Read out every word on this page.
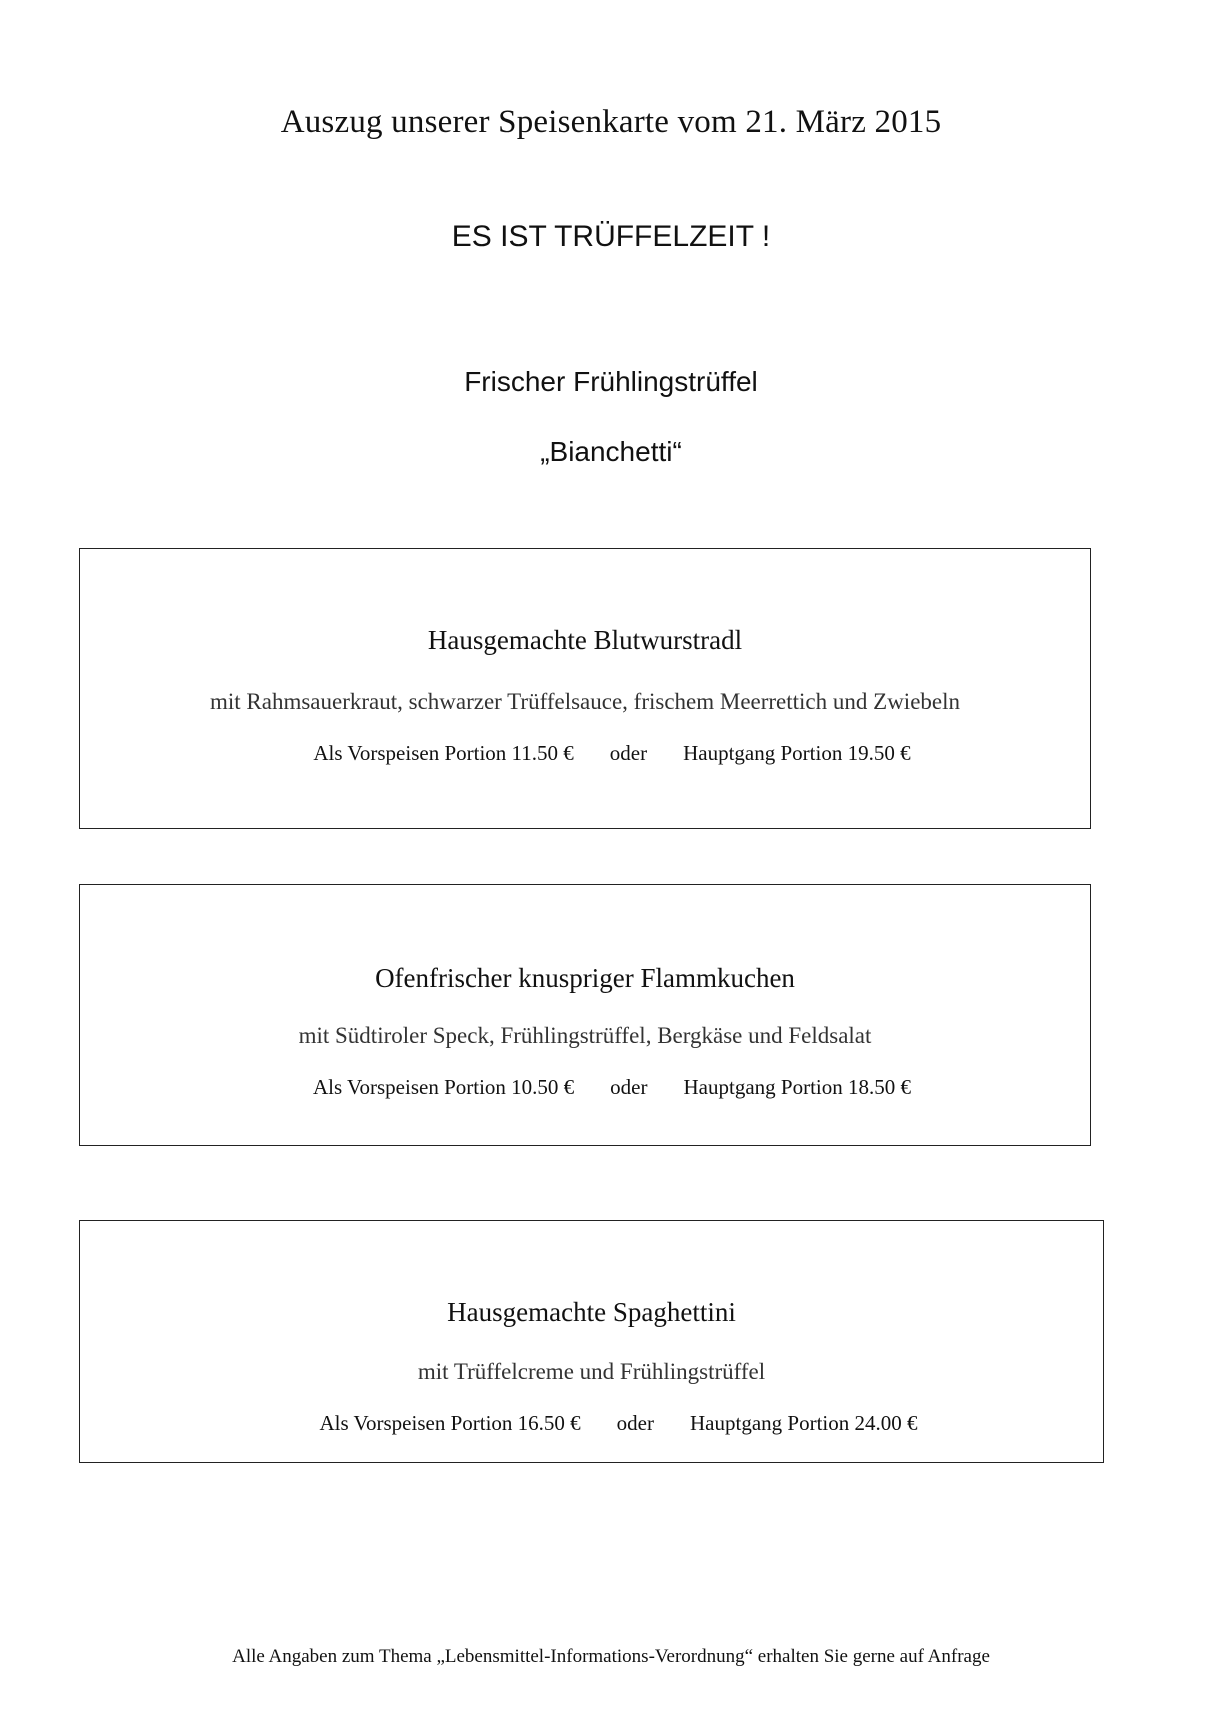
Auszug unserer Speisenkarte vom 21. März 2015
ES IST TRÜFFELZEIT !
Frischer Frühlingstrüffel
„Bianchetti“
Hausgemachte Blutwurstradl
mit Rahmsauerkraut, schwarzer Trüffelsauce, frischem Meerrettich und Zwiebeln
Als Vorspeisen Portion 11.50 € oder Hauptgang Portion 19.50 €
Ofenfrischer knuspriger Flammkuchen
mit Südtiroler Speck, Frühlingstrüffel, Bergkäse und Feldsalat
Als Vorspeisen Portion 10.50 € oder Hauptgang Portion 18.50 €
Hausgemachte Spaghettini
mit Trüffelcreme und Frühlingstrüffel
Als Vorspeisen Portion 16.50 € oder Hauptgang Portion 24.00 €
Alle Angaben zum Thema „Lebensmittel-Informations-Verordnung“ erhalten Sie gerne auf Anfrage
